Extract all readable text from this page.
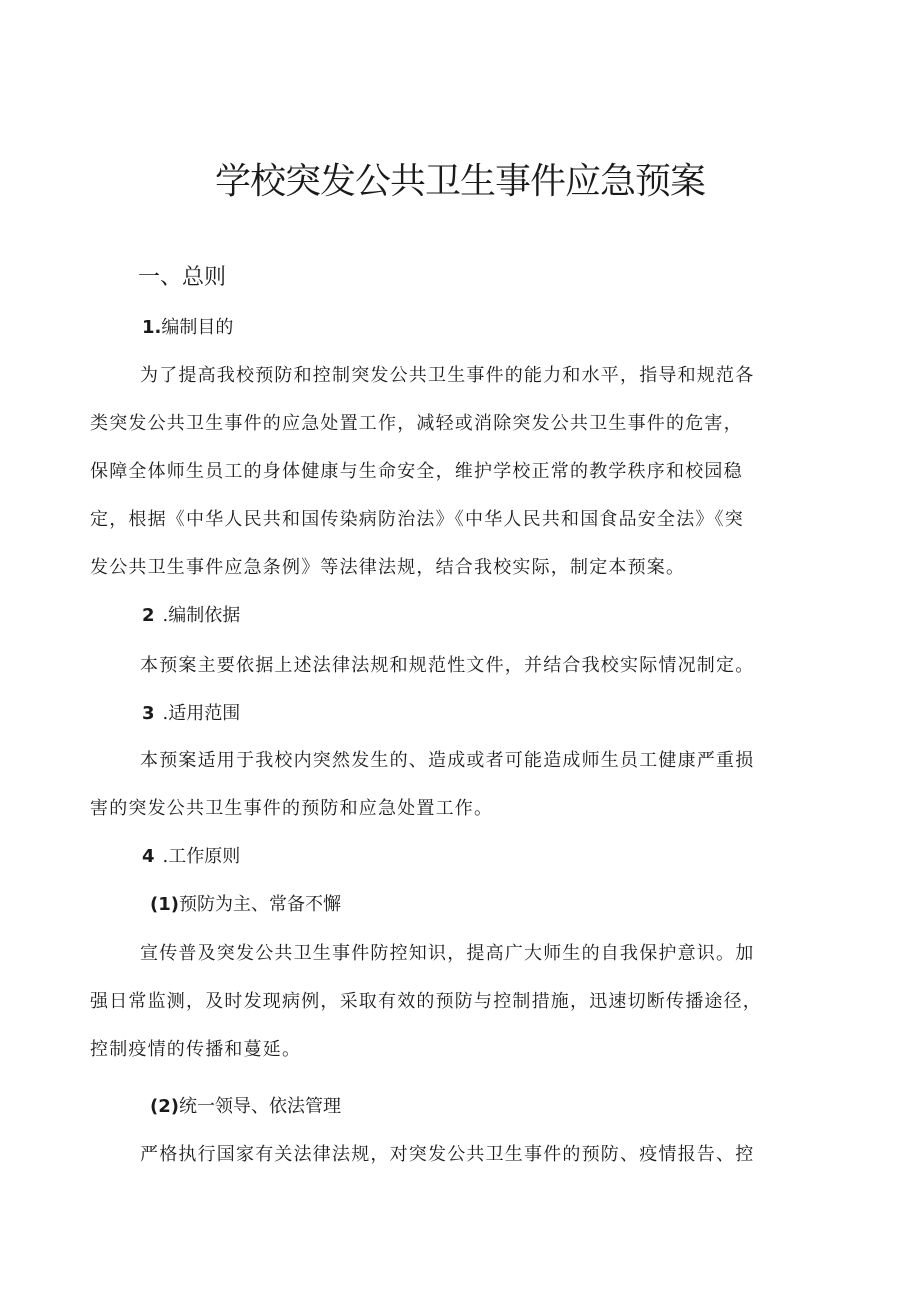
学校突发公共卫生事件应急预案
一、总则
1.编制目的
为了提高我校预防和控制突发公共卫生事件的能力和水平，指导和规范各
类突发公共卫生事件的应急处置工作，减轻或消除突发公共卫生事件的危害，
保障全体师生员工的身体健康与生命安全，维护学校正常的教学秩序和校园稳
定，根据《中华人民共和国传染病防治法》《中华人民共和国食品安全法》《突
发公共卫生事件应急条例》等法律法规，结合我校实际，制定本预案。
2 .编制依据
本预案主要依据上述法律法规和规范性文件，并结合我校实际情况制定。
3 .适用范围
本预案适用于我校内突然发生的、造成或者可能造成师生员工健康严重损
害的突发公共卫生事件的预防和应急处置工作。
4 .工作原则
(1)预防为主、常备不懈
宣传普及突发公共卫生事件防控知识，提高广大师生的自我保护意识。加
强日常监测，及时发现病例，采取有效的预防与控制措施，迅速切断传播途径，
控制疫情的传播和蔓延。
(2)统一领导、依法管理
严格执行国家有关法律法规，对突发公共卫生事件的预防、疫情报告、控
